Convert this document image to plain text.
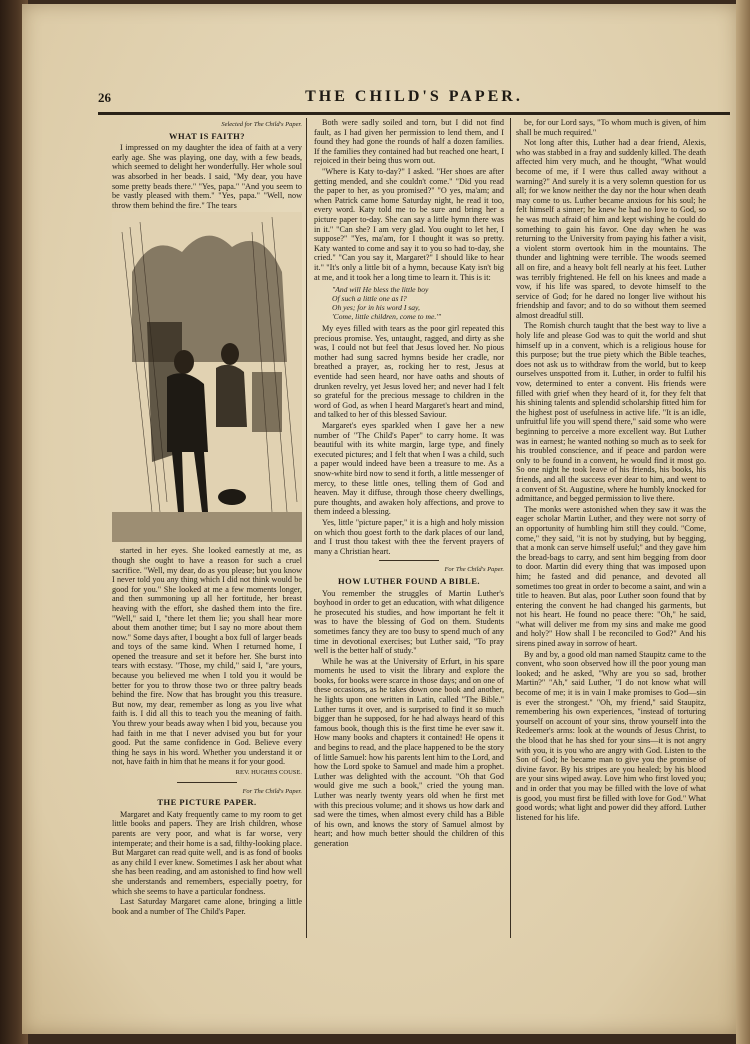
26	THE CHILD'S PAPER.
Selected for The Child's Paper.
WHAT IS FAITH?

I impressed on my daughter the idea of faith at a very early age. She was playing, one day, with a few beads, which seemed to delight her wonderfully. Her whole soul was absorbed in her beads. I said, "My dear, you have some pretty beads there." "Yes, papa." "And you seem to be vastly pleased with them." "Yes, papa." "Well, now throw them behind the fire." The tears

started in her eyes. She looked earnestly at me, as though she ought to have a reason for such a cruel sacrifice. "Well, my dear, do as you please; but you know I never told you any thing which I did not think would be good for you." She looked at me a few moments longer, and then summoning up all her fortitude, her breast heaving with the effort, she dashed them into the fire. "Well," said I, "there let them lie; you shall hear more about them another time; but I say no more about them now." Some days after, I bought a box full of larger beads and toys of the same kind. When I returned home, I opened the treasure and set it before her. She burst into tears with ecstasy. "Those, my child," said I, "are yours, because you believed me when I told you it would be better for you to throw those two or three paltry beads behind the fire. Now that has brought you this treasure. But now, my dear, remember as long as you live what faith is. I did all this to teach you the meaning of faith. You threw your beads away when I bid you, because you had faith in me that I never advised you but for your good. Put the same confidence in God. Believe every thing he says in his word. Whether you understand it or not, have faith in him that he means it for your good.

REV. HUGHES COUSE.
For The Child's Paper.
THE PICTURE PAPER.

Margaret and Katy frequently came to my room to get little books and papers. They are Irish children, whose parents are very poor, and what is far worse, very intemperate; and their home is a sad, filthy-looking place. But Margaret can read quite well, and is as fond of books as any child I ever knew. Sometimes I ask her about what she has been reading, and am astonished to find how well she understands and remembers, especially poetry, for which she seems to have a particular fondness.

Last Saturday Margaret came alone, bringing a little book and a number of The Child's Paper.

Both were sadly soiled and torn, but I did not find fault, as I had given her permission to lend them, and I found they had gone the rounds of half a dozen families. If the families they contained had but reached one heart, I rejoiced in their being thus worn out.

"Where is Katy to-day?" I asked. "Her shoes are after getting mended, and she couldn't come." "Did you read the paper to her, as you promised?" "O yes, ma'am; and when Patrick came home Saturday night, he read it too, every word. Katy told me to be sure and bring her a picture paper to-day. She can say a little hymn there was in it." "Can she? I am very glad. You ought to let her, I suppose?" "Yes, ma'am, for I thought it was so pretty. Katy wanted to come and say it to you so had to-day, she cried." "Can you say it, Margaret?" I should like to hear it." "It's only a little bit of a hymn, because Katy isn't big at me, and it took her a long time to learn it. This is it:

"And will He bless the little boy
Of such a little one as I?
Oh yes; for in his word I say,
'Come, little children, come to me.'"

My eyes filled with tears as the poor girl repeated this precious promise. Yes, untaught, ragged, and dirty as she was, I could not but feel that Jesus loved her. No pious mother had sung sacred hymns beside her cradle, nor breathed a prayer, as, rocking her to rest, Jesus at eventide had seen heard, nor have oaths and shouts of drunken revelry, yet Jesus loved her; and never had I felt so grateful for the precious message to children in the word of God, as when I heard Margaret's heart and mind, and talked to her of this blessed Saviour.

Margaret's eyes sparkled when I gave her a new number of "The Child's Paper" to carry home. It was beautiful with its white margin, large type, and finely executed pictures; and I felt that when I was a child, such a paper would indeed have been a treasure to me. As a snow-white bird now to send it forth, a little messenger of mercy, to these little ones, telling them of God and heaven. May it diffuse, through those cheery dwellings, pure thoughts, and awaken holy affections, and prove to them indeed a blessing.

Yes, little "picture paper," it is a high and holy mission on which thou goest forth to the dark places of our land, and I trust thou takest with thee the fervent prayers of many a Christian heart.

For The Child's Paper.
HOW LUTHER FOUND A BIBLE.

You remember the struggles of Martin Luther's boyhood in order to get an education, with what diligence he prosecuted his studies, and how important he felt it was to have the blessing of God on them. Students sometimes fancy they are too busy to spend much of any time in devotional exercises; but Luther said, "To pray well is the better half of study."

While he was at the University of Erfurt, in his spare moments he used to visit the library and explore the books, for books were scarce in those days; and on one of these occasions, as he takes down one book and another, he lights upon one written in Latin, called "The Bible." Luther turns it over, and is surprised to find it so much bigger than he supposed, for he had always heard of this famous book, though this is the first time he ever saw it. How many books and chapters it contained! He opens it and begins to read, and the place happened to be the story of little Samuel: how his parents lent him to the Lord, and how the Lord spoke to Samuel and made him a prophet. Luther was delighted with the account. "Oh that God would give me such a book," cried the young man. Luther was nearly twenty years old when he first met with this precious volume; and it shows us how dark and sad were the times, when almost every child has a Bible of his own, and knows the story of Samuel almost by heart; and how much better should the children of this generation

be, for our Lord says, "To whom much is given, of him shall be much required."

Not long after this, Luther had a dear friend, Alexis, who was stabbed in a fray and suddenly killed. The death affected him very much, and he thought, "What would become of me, if I were thus called away without a warning?" And surely it is a very solemn question for us all; for we know neither the day nor the hour when death may come to us. Luther became anxious for his soul; he felt himself a sinner; he knew he had no love to God, so he was much afraid of him and kept wishing he could do something to gain his favor. One day when he was returning to the University from paying his father a visit, a violent storm overtook him in the mountains. The thunder and lightning were terrible. The woods seemed all on fire, and a heavy bolt fell nearly at his feet. Luther was terribly frightened. He fell on his knees and made a vow, if his life was spared, to devote himself to the service of God; for he dared no longer live without his friendship and favor; and to do so without them seemed almost dreadful still.

The Romish church taught that the best way to live a holy life and please God was to quit the world and shut himself up in a convent, which is a religious house for this purpose; but the true piety which the Bible teaches, does not ask us to withdraw from the world, but to keep ourselves unspotted from it. Luther, in order to fulfil his vow, determined to enter a convent. His friends were filled with grief when they heard of it, for they felt that his shining talents and splendid scholarship fitted him for the highest post of usefulness in active life. "It is an idle, unfruitful life you will spend there," said some who were beginning to perceive a more excellent way. But Luther was in earnest; he wanted nothing so much as to seek for his troubled conscience, and if peace and pardon were only to be found in a convent, he would find it most go. So one night he took leave of his friends, his books, his friends, and all the success ever dear to him, and went to a convent of St. Augustine, where he humbly knocked for admittance, and begged permission to live there.

The monks were astonished when they saw it was the eager scholar Martin Luther, and they were not sorry of an opportunity of humbling him still they could. "Come, come," they said, "it is not by studying, but by begging, that a monk can serve himself useful;" and they gave him the bread-bags to carry, and sent him begging from door to door. Martin did every thing that was imposed upon him; he fasted and did penance, and devoted all sometimes too great in order to become a saint, and win a title to heaven. But alas, poor Luther soon found that by entering the convent he had changed his garments, but not his heart. He found no peace there: "Oh," he said, "what will deliver me from my sins and make me good and holy?" How shall I be reconciled to God?" And his sirens pined away in sorrow of heart.

By and by, a good old man named Staupitz came to the convent, who soon observed how ill the poor young man looked; and he asked, "Why are you so sad, brother Martin?" "Ah," said Luther, "I do not know what will become of me; it is in vain I make promises to God—sin is ever the strongest." "Oh, my friend," said Staupitz, remembering his own experiences, "instead of torturing yourself on account of your sins, throw yourself into the Redeemer's arms: look at the wounds of Jesus Christ, to the blood that he has shed for your sins—it is not angry with you, it is you who are angry with God. Listen to the Son of God; he became man to give you the promise of divine favor. By his stripes are you healed; by his blood are your sins wiped away. Love him who first loved you; and in order that you may be filled with the love of what is good, you must first be filled with love for God." What good words; what light and power did they afford. Luther listened for his life.
